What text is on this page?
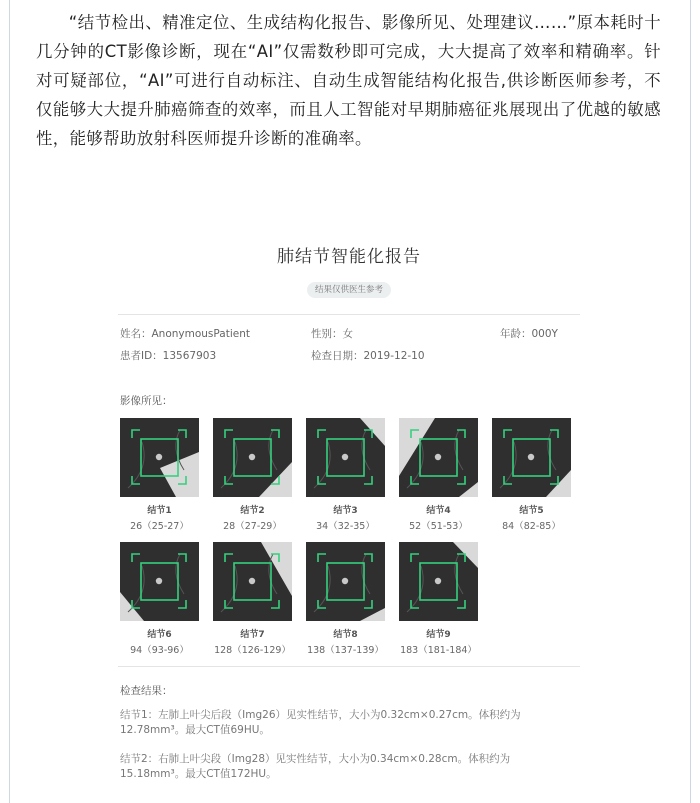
“结节检出、精准定位、生成结构化报告、影像所见、处理建议……”原本耗时十几分钟的CT影像诊断，现在“AI”仅需数秒即可完成，大大提高了效率和精确率。针对可疑部位，“AI”可进行自动标注、自动生成智能结构化报告,供诊断医师参考，不仅能够大大提升肺癌筛查的效率，而且人工智能对早期肺癌征兆展现出了优越的敏感性，能够帮助放射科医师提升诊断的准确率。

肺结节智能化报告
结果仅供医生参考
姓名：AnonymousPatient	性别：女	年龄：000Y
患者ID：13567903	检查日期：2019-12-10
影像所见：
结节1
26（25-27）
结节2
28（27-29）
结节3
34（32-35）
结节4
52（51-53）
结节5
84（82-85）
结节6
94（93-96）
结节7
128（126-129）
结节8
138（137-139）
结节9
183（181-184）
检查结果：
结节1：左肺上叶尖后段（Img26）见实性结节，大小为0.32cm×0.27cm。体积约为12.78mm³。最大CT值69HU。
结节2：右肺上叶尖段（Img28）见实性结节，大小为0.34cm×0.28cm。体积约为15.18mm³。最大CT值172HU。
